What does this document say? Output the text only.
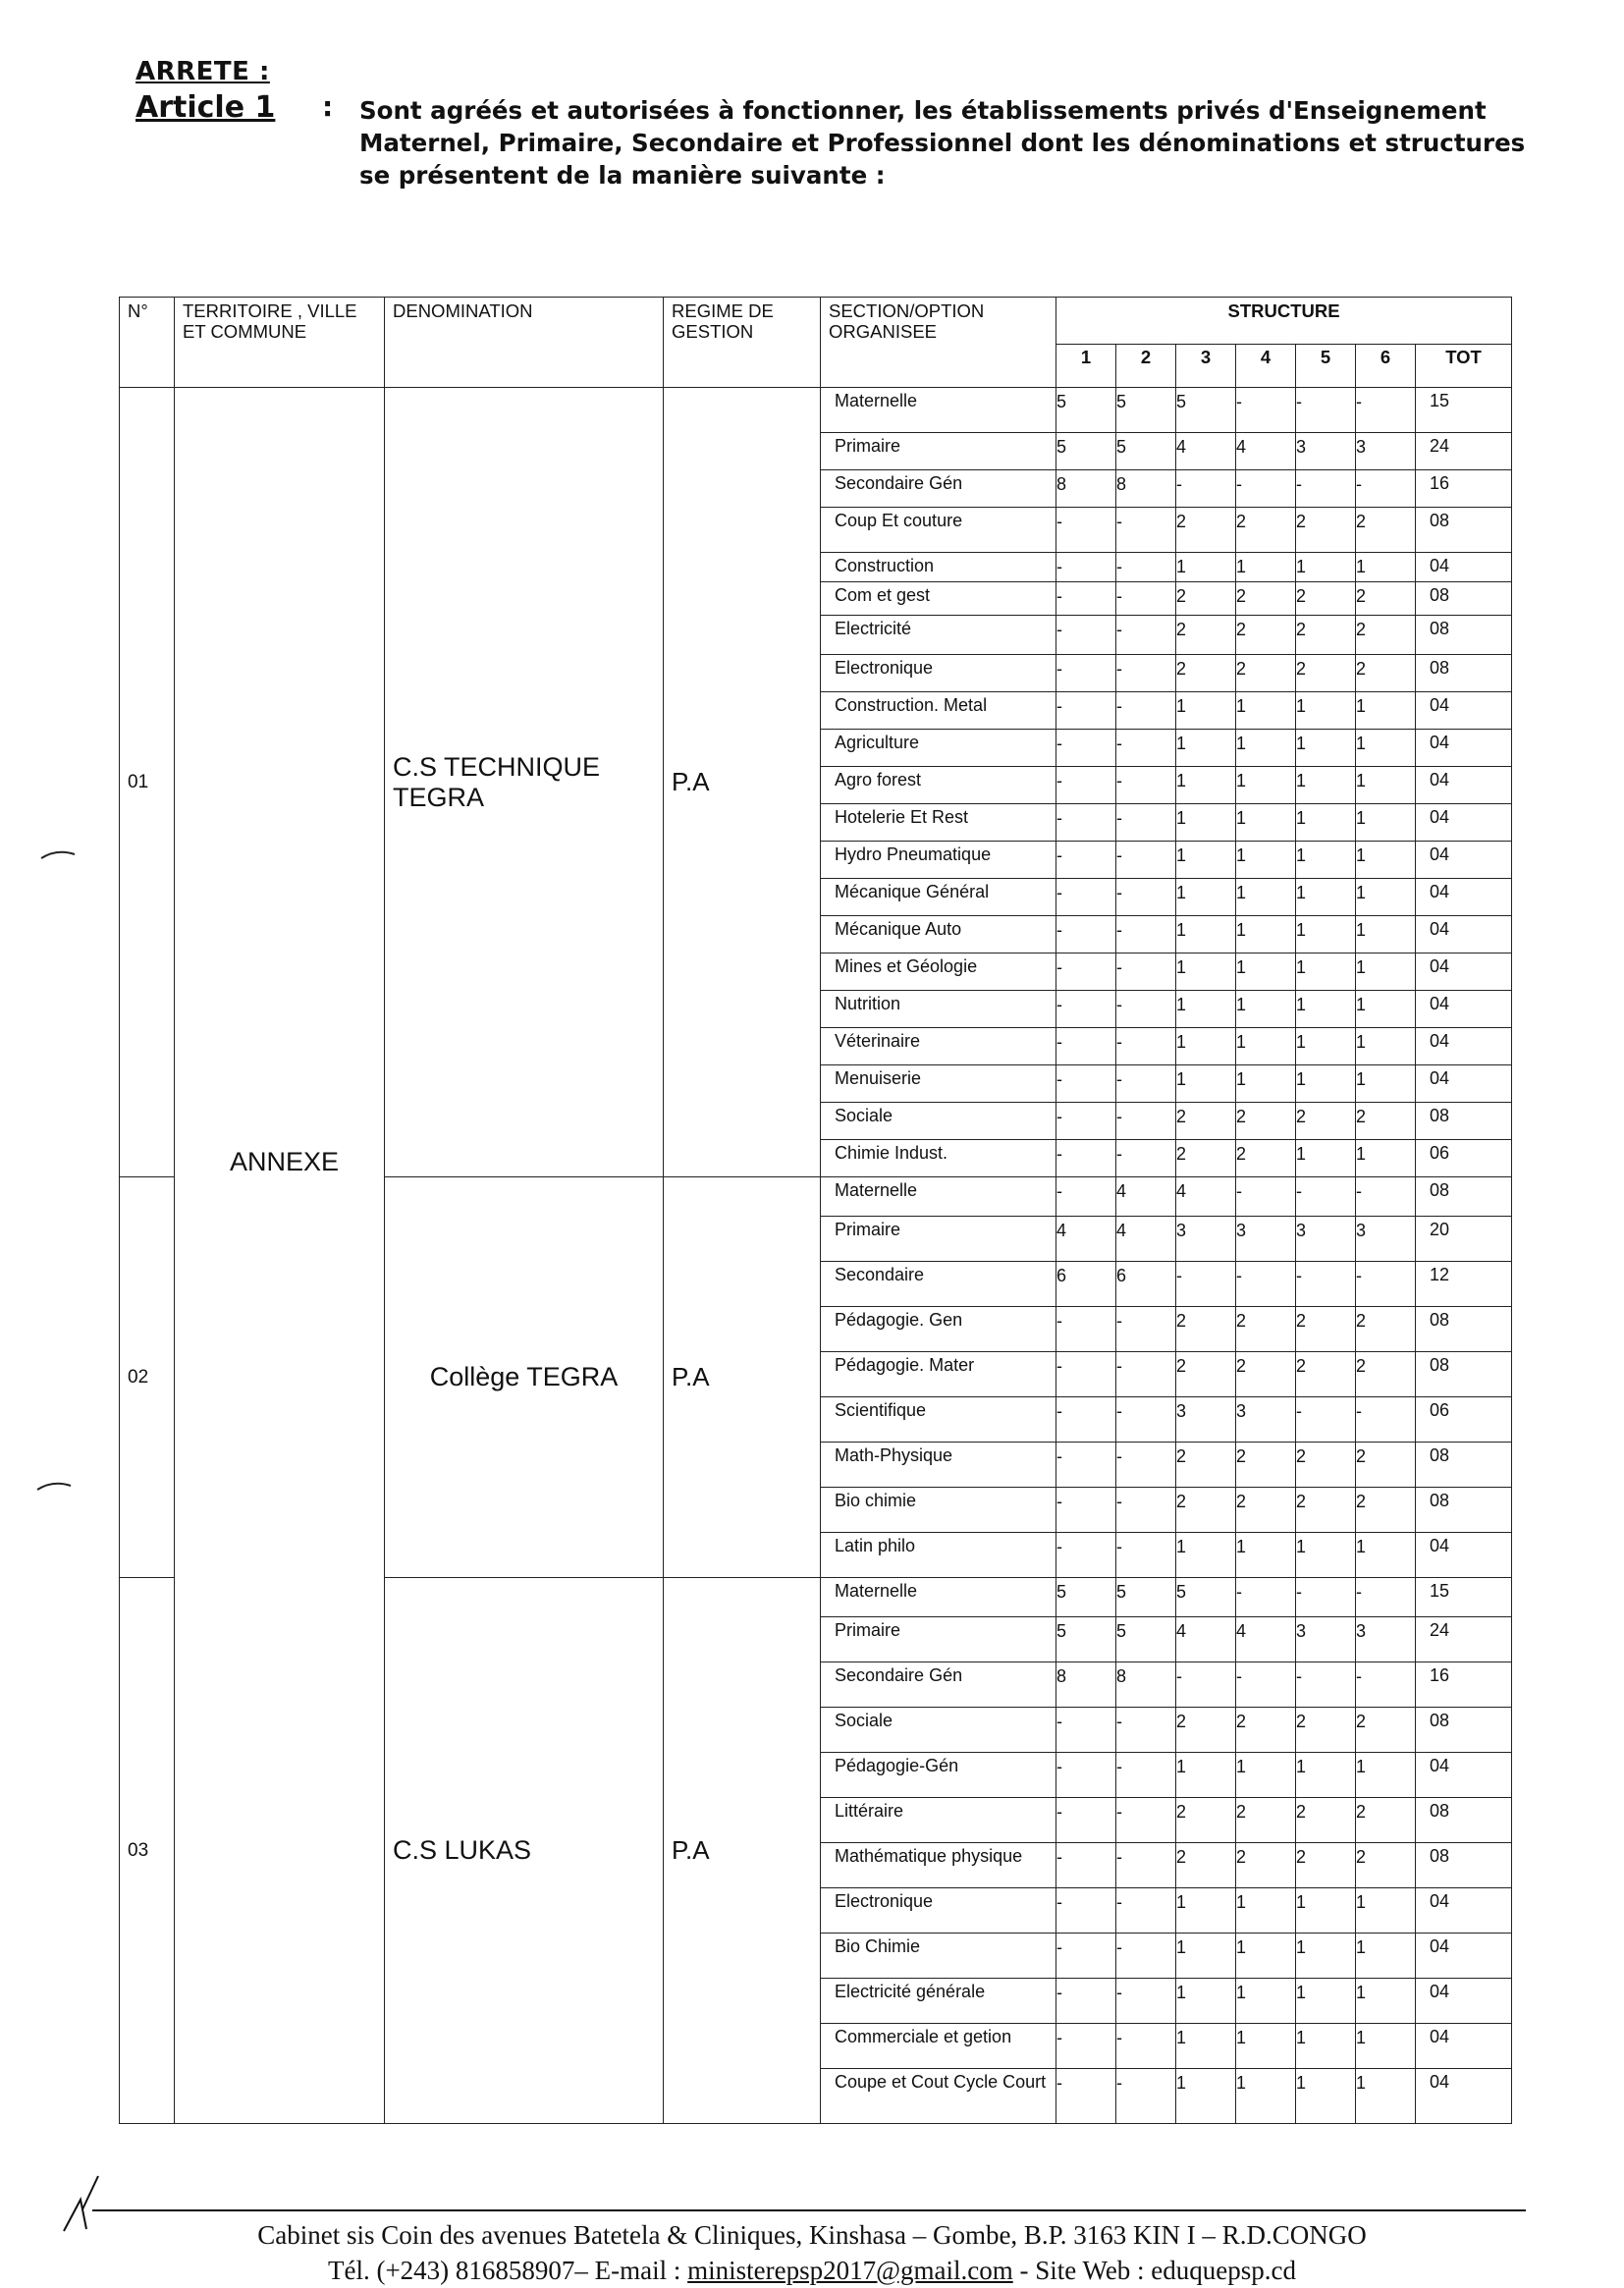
ARRETE :
Article 1	:	Sont agréés et autorisées à fonctionner, les établissements privés d'Enseignement Maternel, Primaire, Secondaire et Professionnel dont les dénominations et structures se présentent de la manière suivante :
N°	TERRITOIRE , VILLE ET COMMUNE	DENOMINATION	REGIME DE GESTION	SECTION/OPTION ORGANISEE	STRUCTURE						
					1	2	3	4	5	6	TOT
01		C.S TECHNIQUE TEGRA	P.A	Maternelle	5	5	5	-	-	-	15
				Primaire	5	5	4	4	3	3	24
				Secondaire Gén	8	8	-	-	-	-	16
				Coup Et couture	-	-	2	2	2	2	08
				Construction	-	-	1	1	1	1	04
				Com et gest	-	-	2	2	2	2	08
				Electricité	-	-	2	2	2	2	08
				Electronique	-	-	2	2	2	2	08
				Construction. Metal	-	-	1	1	1	1	04
				Agriculture	-	-	1	1	1	1	04
				Agro forest	-	-	1	1	1	1	04
				Hotelerie Et Rest	-	-	1	1	1	1	04
				Hydro Pneumatique	-	-	1	1	1	1	04
				Mécanique Général	-	-	1	1	1	1	04
				Mécanique Auto	-	-	1	1	1	1	04
				Mines et Géologie	-	-	1	1	1	1	04
				Nutrition	-	-	1	1	1	1	04
				Véterinaire	-	-	1	1	1	1	04
				Menuiserie	-	-	1	1	1	1	04
				Sociale	-	-	2	2	2	2	08
				Chimie Indust.	-	-	2	2	1	1	06
02		Collège TEGRA	P.A	Maternelle	-	4	4	-	-	-	08
				Primaire	4	4	3	3	3	3	20
				Secondaire	6	6	-	-	-	-	12
				Pédagogie. Gen	-	-	2	2	2	2	08
				Pédagogie. Mater	-	-	2	2	2	2	08
				Scientifique	-	-	3	3	-	-	06
				Math-Physique	-	-	2	2	2	2	08
				Bio chimie	-	-	2	2	2	2	08
				Latin philo	-	-	1	1	1	1	04
03		C.S LUKAS	P.A	Maternelle	5	5	5	-	-	-	15
				Primaire	5	5	4	4	3	3	24
				Secondaire Gén	8	8	-	-	-	-	16
				Sociale	-	-	2	2	2	2	08
				Pédagogie-Gén	-	-	1	1	1	1	04
				Littéraire	-	-	2	2	2	2	08
				Mathématique physique	-	-	2	2	2	2	08
				Electronique	-	-	1	1	1	1	04
				Bio Chimie	-	-	1	1	1	1	04
				Electricité générale	-	-	1	1	1	1	04
				Commerciale et getion	-	-	1	1	1	1	04
				Coupe et Cout Cycle Court	-	-	1	1	1	1	04
ANNEXE
Cabinet sis Coin des avenues Batetela & Cliniques, Kinshasa – Gombe, B.P. 3163 KIN I – R.D.CONGO
Tél. (+243) 816858907– E-mail : ministerepsp2017@gmail.com - Site Web : eduquepsp.cd
